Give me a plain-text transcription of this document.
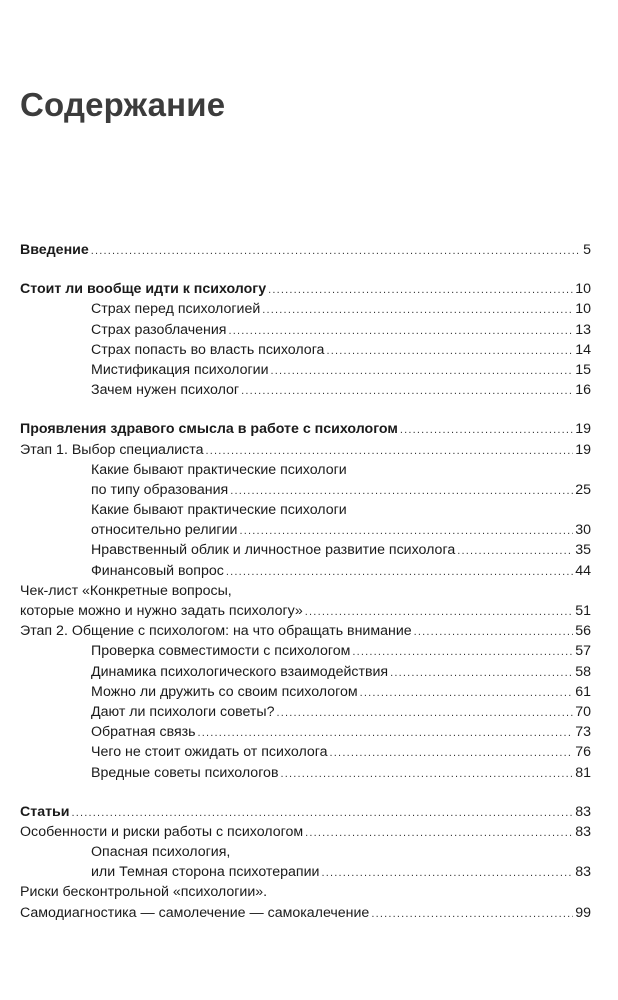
Содержание
Введение .....	5
Стоит ли вообще идти к психологу .....	10
Страх перед психологией .....	10
Страх разоблачения .....	13
Страх попасть во власть психолога .....	14
Мистификация психологии .....	15
Зачем нужен психолог .....	16
Проявления здравого смысла в работе с психологом .....	19
Этап 1. Выбор специалиста .....	19
Какие бывают практические психологи
по типу образования .....	25
Какие бывают практические психологи
относительно религии .....	30
Нравственный облик и личностное развитие психолога .....	35
Финансовый вопрос .....	44
Чек-лист «Конкретные вопросы,
которые можно и нужно задать психологу» .....	51
Этап 2. Общение с психологом: на что обращать внимание .....	56
Проверка совместимости с психологом .....	57
Динамика психологического взаимодействия .....	58
Можно ли дружить со своим психологом .....	61
Дают ли психологи советы? .....	70
Обратная связь .....	73
Чего не стоит ожидать от психолога .....	76
Вредные советы психологов .....	81
Статьи .....	83
Особенности и риски работы с психологом .....	83
Опасная психология,
или Темная сторона психотерапии .....	83
Риски бесконтрольной «психологии».
Самодиагностика — самолечение — самокалечение .....	99
